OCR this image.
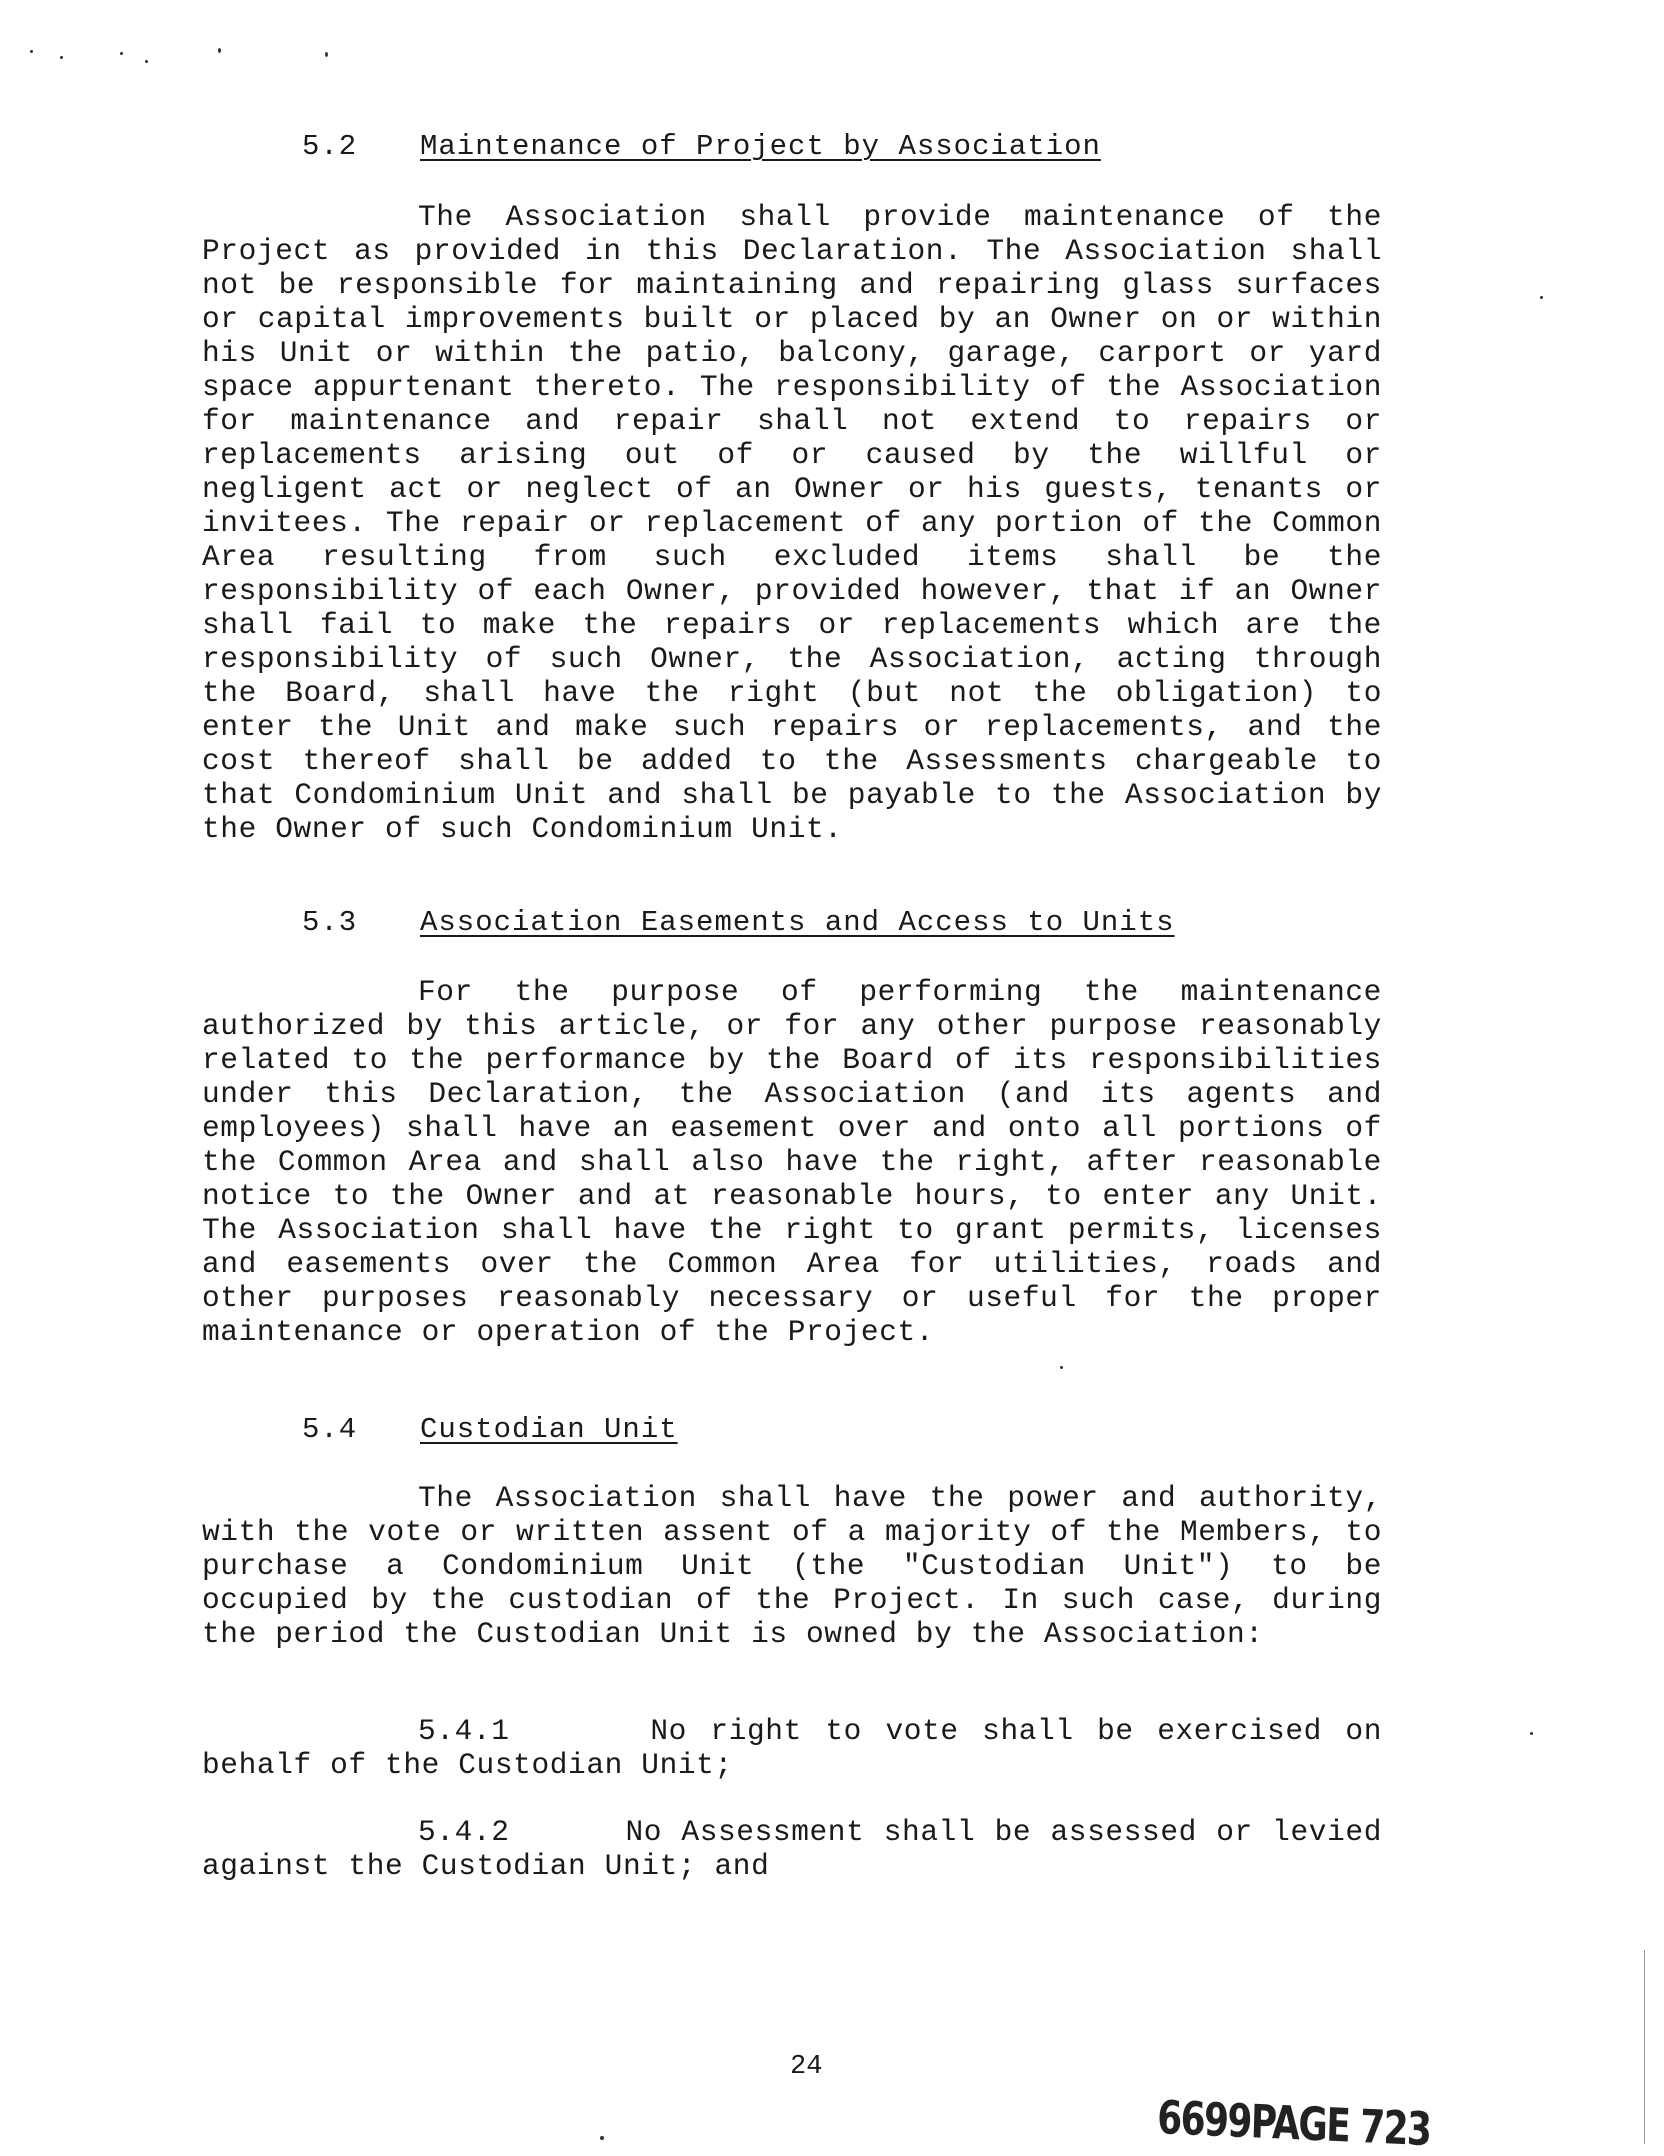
5.2 Maintenance of Project by Association

The Association shall provide maintenance of the Project as provided in this Declaration. The Association shall not be responsible for maintaining and repairing glass surfaces or capital improvements built or placed by an Owner on or within his Unit or within the patio, balcony, garage, carport or yard space appurtenant thereto. The responsibility of the Association for maintenance and repair shall not extend to repairs or replacements arising out of or caused by the willful or negligent act or neglect of an Owner or his guests, tenants or invitees. The repair or replacement of any portion of the Common Area resulting from such excluded items shall be the responsibility of each Owner, provided however, that if an Owner shall fail to make the repairs or replacements which are the responsibility of such Owner, the Association, acting through the Board, shall have the right (but not the obligation) to enter the Unit and make such repairs or replacements, and the cost thereof shall be added to the Assessments chargeable to that Condominium Unit and shall be payable to the Association by the Owner of such Condominium Unit.

5.3 Association Easements and Access to Units

For the purpose of performing the maintenance authorized by this article, or for any other purpose reasonably related to the performance by the Board of its responsibilities under this Declaration, the Association (and its agents and employees) shall have an easement over and onto all portions of the Common Area and shall also have the right, after reasonable notice to the Owner and at reasonable hours, to enter any Unit. The Association shall have the right to grant permits, licenses and easements over the Common Area for utilities, roads and other purposes reasonably necessary or useful for the proper maintenance or operation of the Project.

5.4 Custodian Unit

The Association shall have the power and authority, with the vote or written assent of a majority of the Members, to purchase a Condominium Unit (the "Custodian Unit") to be occupied by the custodian of the Project. In such case, during the period the Custodian Unit is owned by the Association:

5.4.1      No right to vote shall be exercised on behalf of the Custodian Unit;

5.4.2      No Assessment shall be assessed or levied against the Custodian Unit; and

24
6699PAGE 723
